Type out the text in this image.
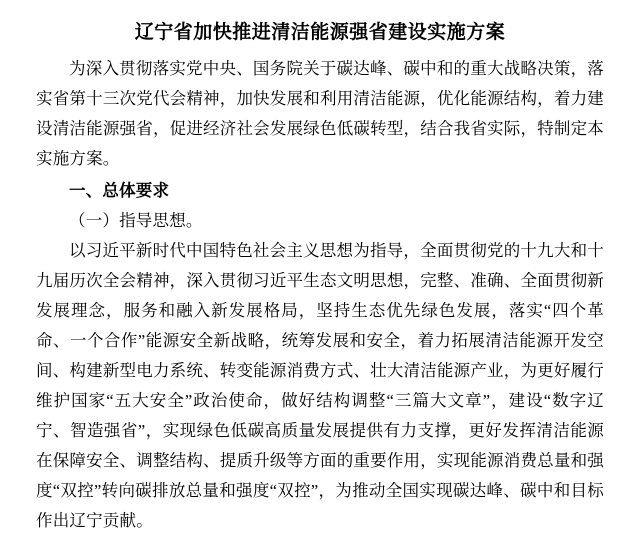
辽宁省加快推进清洁能源强省建设实施方案

为深入贯彻落实党中央、国务院关于碳达峰、碳中和的重大战略决策，落实省第十三次党代会精神，加快发展和利用清洁能源，优化能源结构，着力建设清洁能源强省，促进经济社会发展绿色低碳转型，结合我省实际，特制定本实施方案。

一、总体要求

（一）指导思想。

以习近平新时代中国特色社会主义思想为指导，全面贯彻党的十九大和十九届历次全会精神，深入贯彻习近平生态文明思想，完整、准确、全面贯彻新发展理念，服务和融入新发展格局，坚持生态优先绿色发展，落实“四个革命、一个合作”能源安全新战略，统筹发展和安全，着力拓展清洁能源开发空间、构建新型电力系统、转变能源消费方式、壮大清洁能源产业，为更好履行维护国家“五大安全”政治使命，做好结构调整“三篇大文章”，建设“数字辽宁、智造强省”，实现绿色低碳高质量发展提供有力支撑，更好发挥清洁能源在保障安全、调整结构、提质升级等方面的重要作用，实现能源消费总量和强度“双控”转向碳排放总量和强度“双控”，为推动全国实现碳达峰、碳中和目标作出辽宁贡献。
